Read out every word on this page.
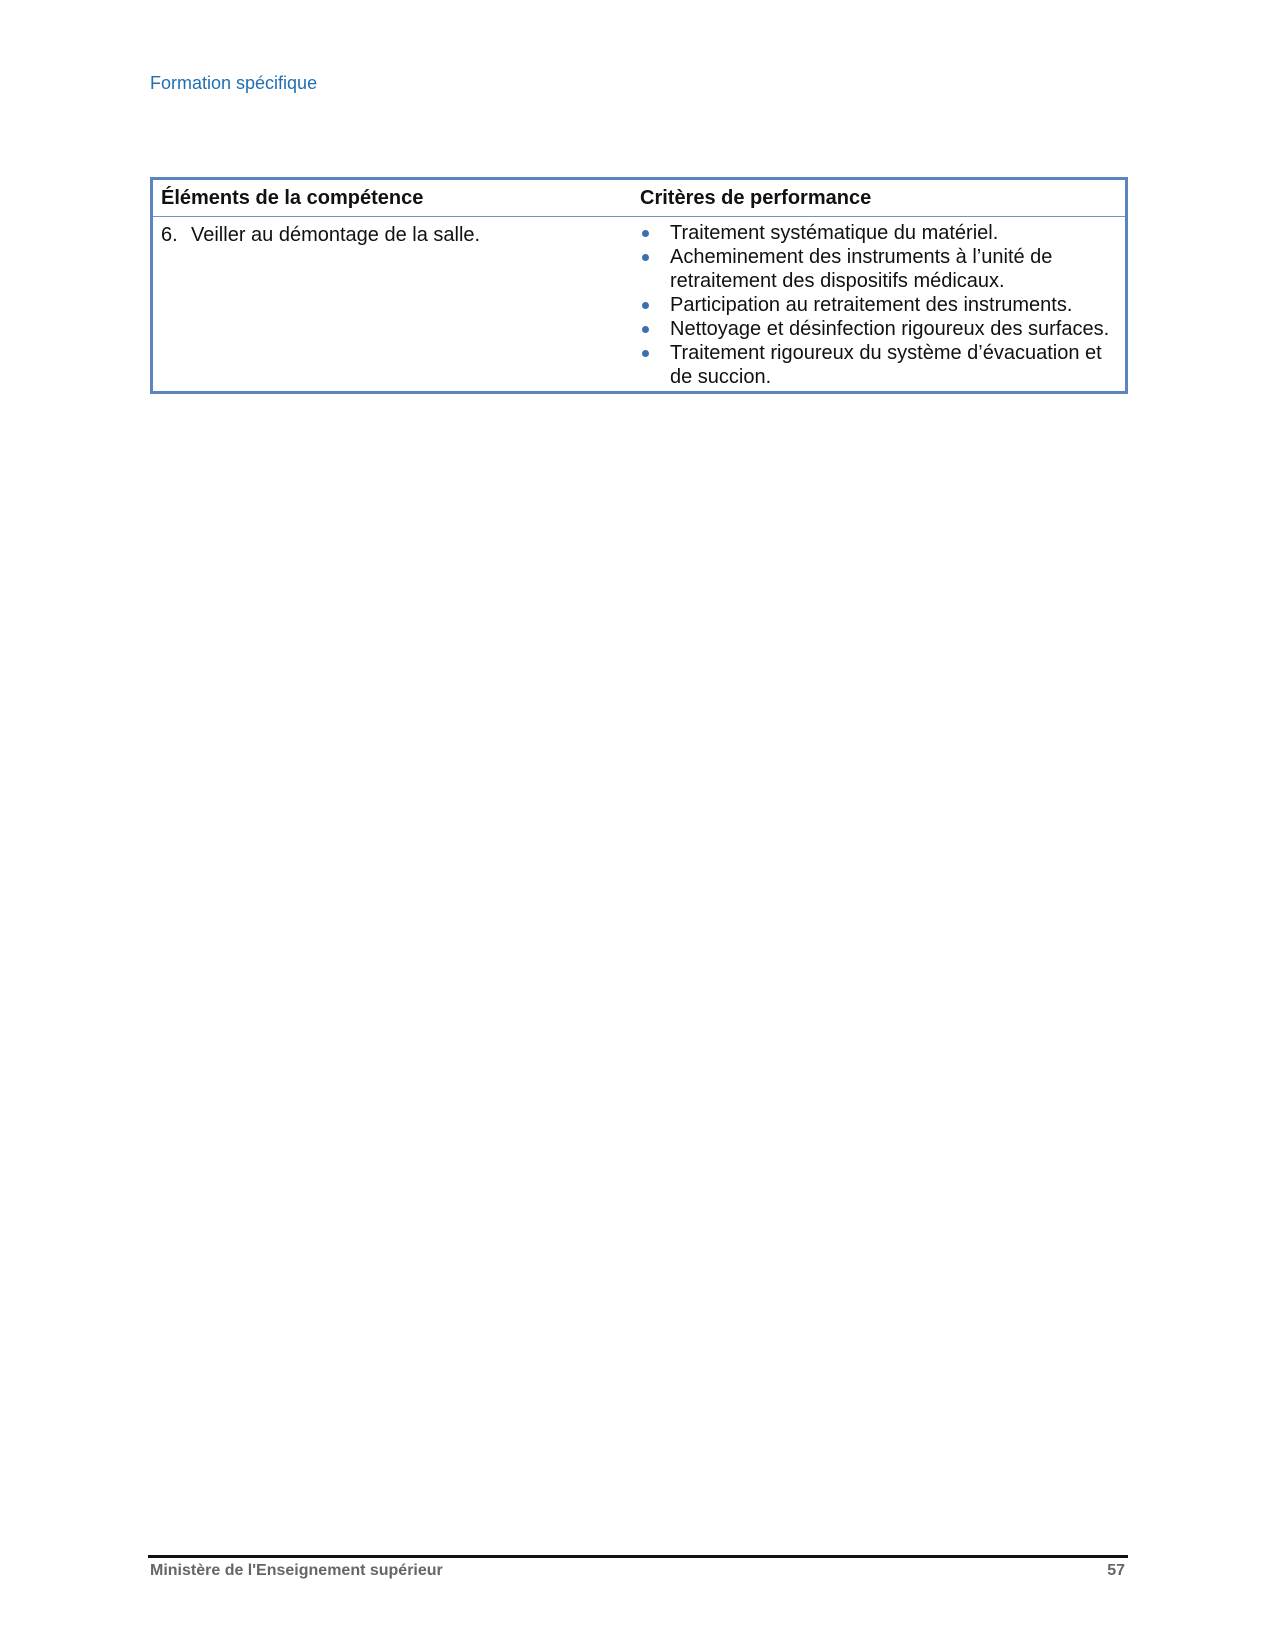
Formation spécifique
Éléments de la compétence	Critères de performance
6. Veiller au démontage de la salle.	Traitement systématique du matériel.
Acheminement des instruments à l’unité de retraitement des dispositifs médicaux.
Participation au retraitement des instruments.
Nettoyage et désinfection rigoureux des surfaces.
Traitement rigoureux du système d’évacuation et de succion.
Ministère de l'Enseignement supérieur	57
